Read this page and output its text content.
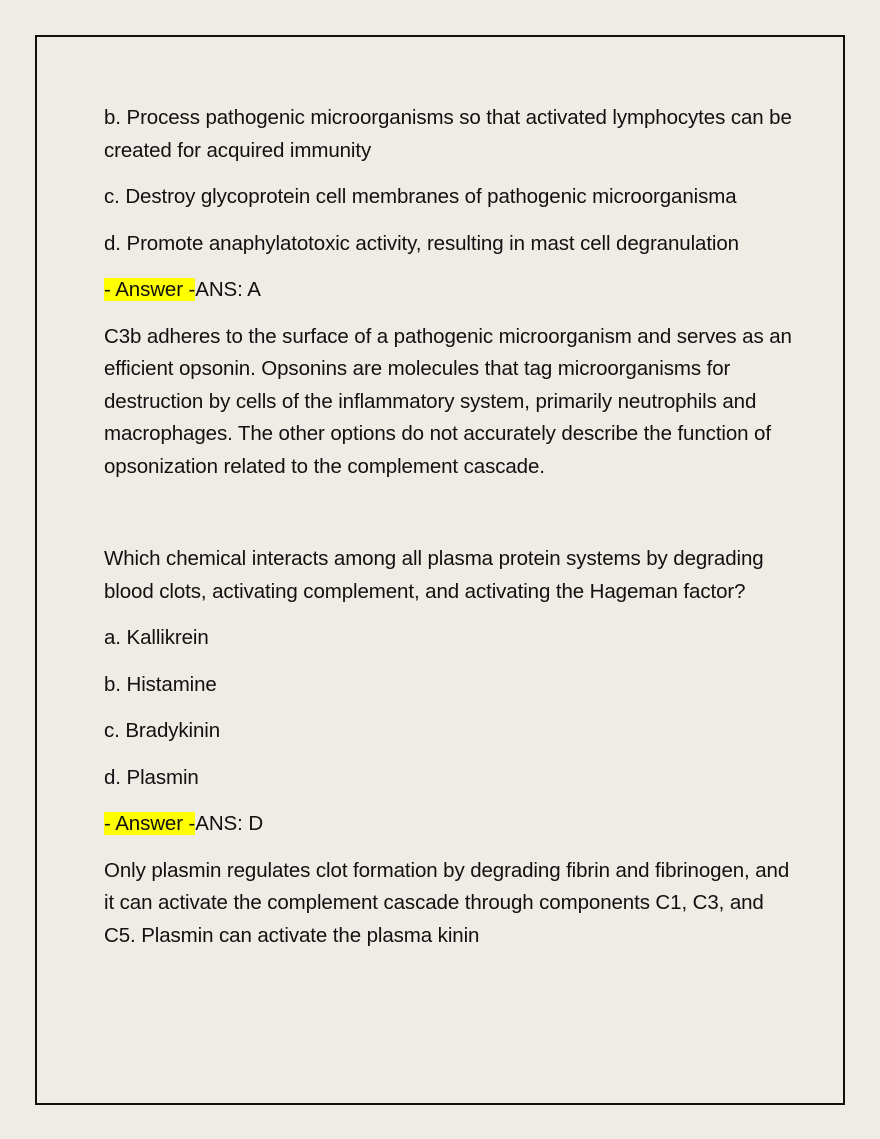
b. Process pathogenic microorganisms so that activated lymphocytes can be created for acquired immunity

c. Destroy glycoprotein cell membranes of pathogenic microorganisma

d. Promote anaphylatotoxic activity, resulting in mast cell degranulation

- Answer -ANS: A

C3b adheres to the surface of a pathogenic microorganism and serves as an efficient opsonin. Opsonins are molecules that tag microorganisms for destruction by cells of the inflammatory system, primarily neutrophils and macrophages. The other options do not accurately describe the function of opsonization related to the complement cascade.

Which chemical interacts among all plasma protein systems by degrading blood clots, activating complement, and activating the Hageman factor?

a. Kallikrein

b. Histamine

c. Bradykinin

d. Plasmin

- Answer -ANS: D

Only plasmin regulates clot formation by degrading fibrin and fibrinogen, and it can activate the complement cascade through components C1, C3, and C5. Plasmin can activate the plasma kinin
